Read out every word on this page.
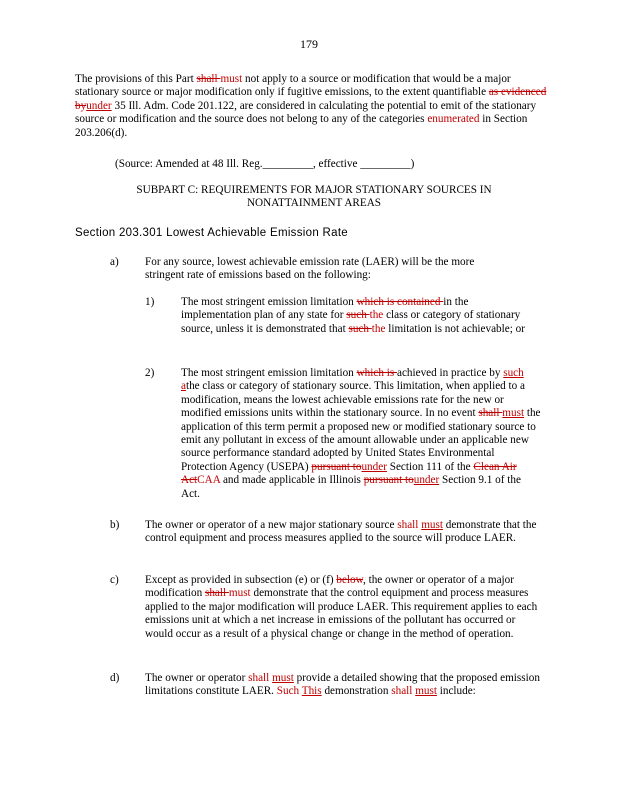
179
The provisions of this Part shall must not apply to a source or modification that would be a major stationary source or major modification only if fugitive emissions, to the extent quantifiable as evidenced byunder 35 Ill. Adm. Code 201.122, are considered in calculating the potential to emit of the stationary source or modification and the source does not belong to any of the categories enumerated in Section 203.206(d).
(Source: Amended at 48 Ill. Reg._________, effective _________)
SUBPART C: REQUIREMENTS FOR MAJOR STATIONARY SOURCES IN
NONATTAINMENT AREAS
Section 203.301 Lowest Achievable Emission Rate
a) For any source, lowest achievable emission rate (LAER) will be the more stringent rate of emissions based on the following:
1) The most stringent emission limitation which is contained in the implementation plan of any state for such the class or category of stationary source, unless it is demonstrated that such the limitation is not achievable; or
2) The most stringent emission limitation which is achieved in practice by such athe class or category of stationary source. This limitation, when applied to a modification, means the lowest achievable emissions rate for the new or modified emissions units within the stationary source. In no event shall must the application of this term permit a proposed new or modified stationary source to emit any pollutant in excess of the amount allowable under an applicable new source performance standard adopted by United States Environmental Protection Agency (USEPA) pursuant tounder Section 111 of the Clean Air ActCAA and made applicable in Illinois pursuant tounder Section 9.1 of the Act.
b) The owner or operator of a new major stationary source shall must demonstrate that the control equipment and process measures applied to the source will produce LAER.
c) Except as provided in subsection (e) or (f) below, the owner or operator of a major modification shall must demonstrate that the control equipment and process measures applied to the major modification will produce LAER. This requirement applies to each emissions unit at which a net increase in emissions of the pollutant has occurred or would occur as a result of a physical change or change in the method of operation.
d) The owner or operator shall must provide a detailed showing that the proposed emission limitations constitute LAER. Such This demonstration shall must include:
